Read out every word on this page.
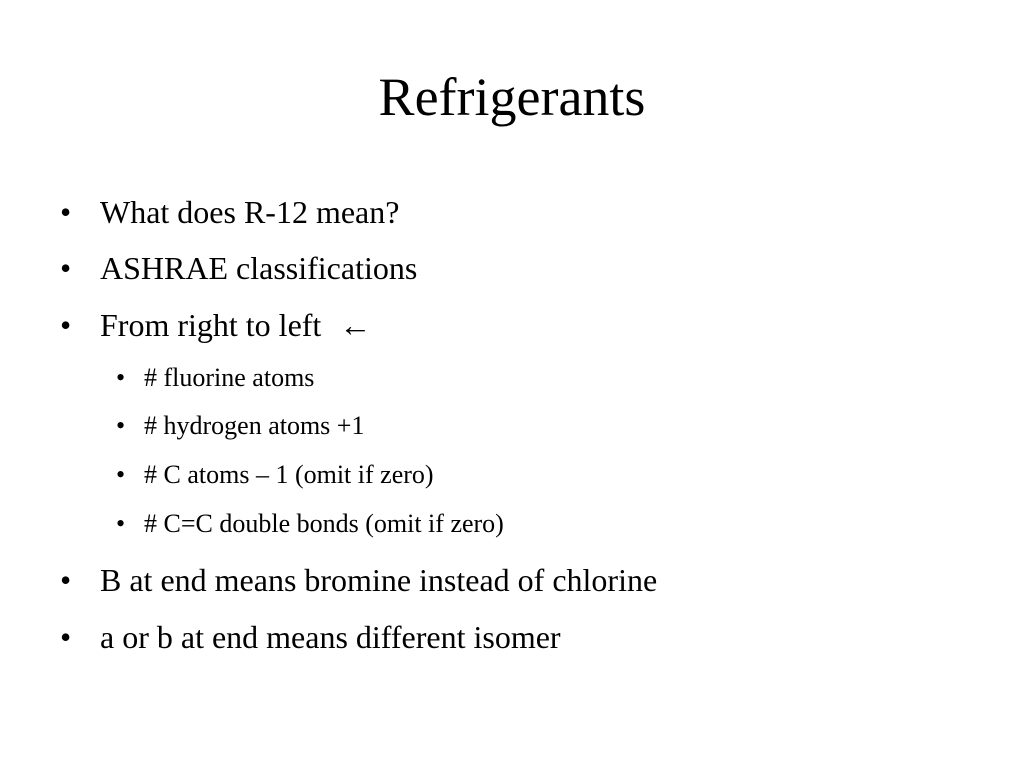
Refrigerants
• What does R-12 mean?
• ASHRAE classifications
• From right to left ←
• # fluorine atoms
• # hydrogen atoms +1
• # C atoms – 1 (omit if zero)
• # C=C double bonds (omit if zero)
• B at end means bromine instead of chlorine
• a or b at end means different isomer
